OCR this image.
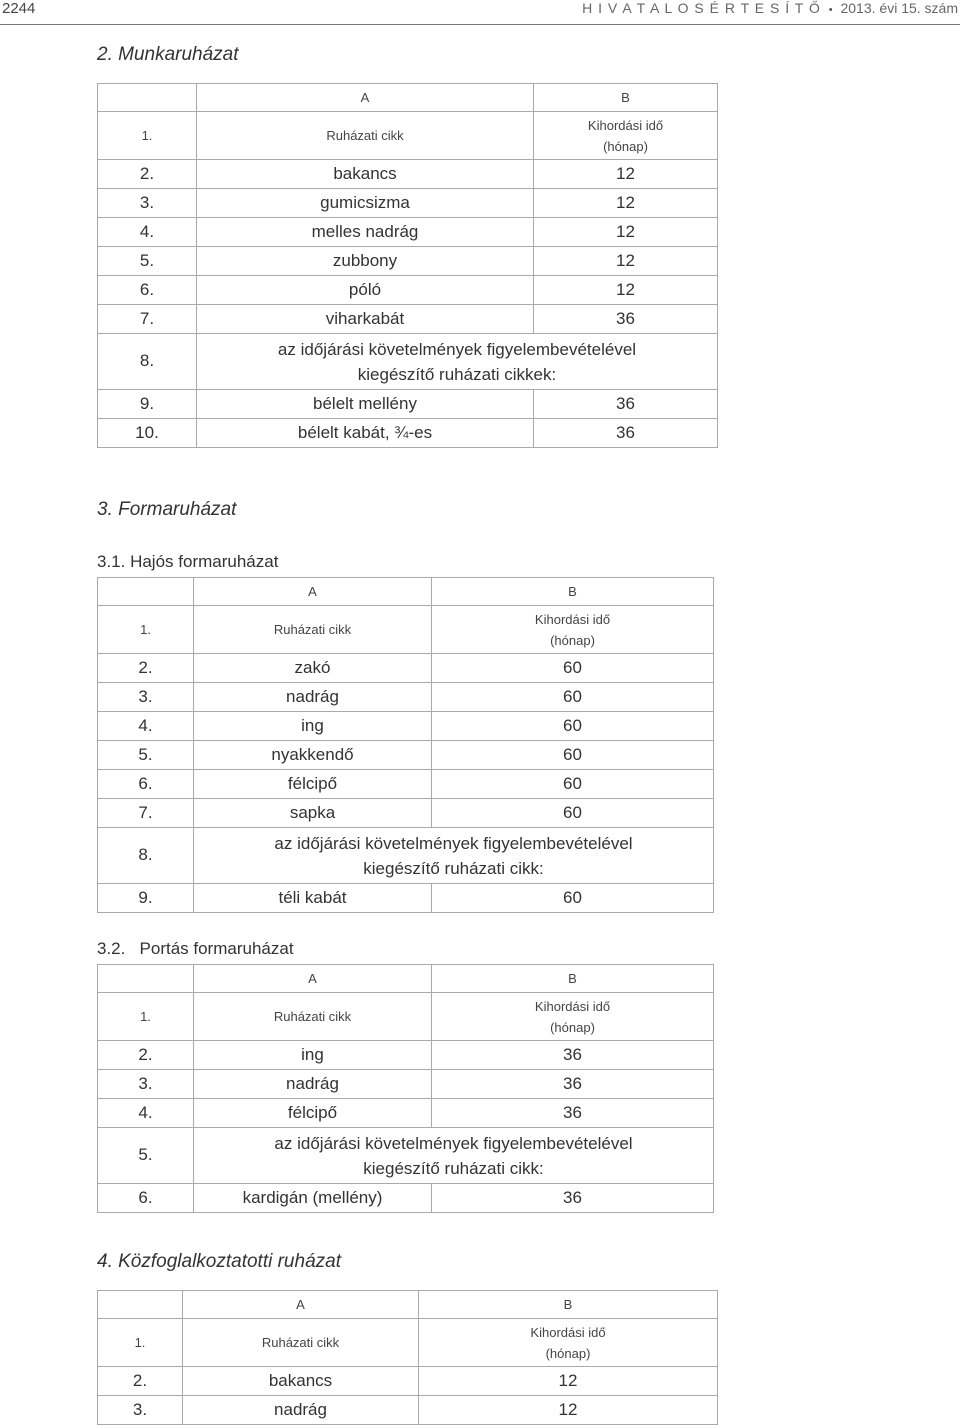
2244	H I V A T A L O S É R T E S Í T Ő • 2013. évi 15. szám
2. Munkaruházat
	A	B
1.	Ruházati cikk	Kihordási idő
(hónap)
2.	bakancs	12
3.	gumicsizma	12
4.	melles nadrág	12
5.	zubbony	12
6.	póló	12
7.	viharkabát	36
8.	az időjárási követelmények figyelembevételével
kiegészítő ruházati cikkek:	
9.	bélelt mellény	36
10.	bélelt kabát, ¾-es	36
3. Formaruházat
3.1. Hajós formaruházat
	A	B
1.	Ruházati cikk	Kihordási idő
(hónap)
2.	zakó	60
3.	nadrág	60
4.	ing	60
5.	nyakkendő	60
6.	félcipő	60
7.	sapka	60
8.	az időjárási követelmények figyelembevételével
kiegészítő ruházati cikk:	
9.	téli kabát	60
3.2.   Portás formaruházat
	A	B
1.	Ruházati cikk	Kihordási idő
(hónap)
2.	ing	36
3.	nadrág	36
4.	félcipő	36
5.	az időjárási követelmények figyelembevételével
kiegészítő ruházati cikk:	
6.	kardigán (mellény)	36
4. Közfoglalkoztatotti ruházat
	A	B
1.	Ruházati cikk	Kihordási idő
(hónap)
2.	bakancs	12
3.	nadrág	12
